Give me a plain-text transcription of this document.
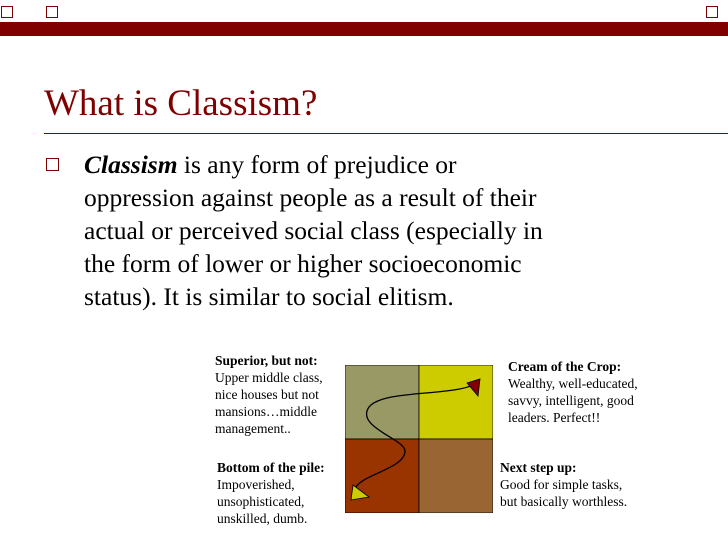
What is Classism?

Classism is any form of prejudice or
oppression against people as a result of their
actual or perceived social class (especially in
the form of lower or higher socioeconomic
status). It is similar to social elitism.

Superior, but not:
Upper middle class,
nice houses but not
mansions…middle
management..
Cream of the Crop:
Wealthy, well-educated,
savvy, intelligent, good
leaders. Perfect!!
Bottom of the pile:
Impoverished,
unsophisticated,
unskilled, dumb.
Next step up:
Good for simple tasks,
but basically worthless.
